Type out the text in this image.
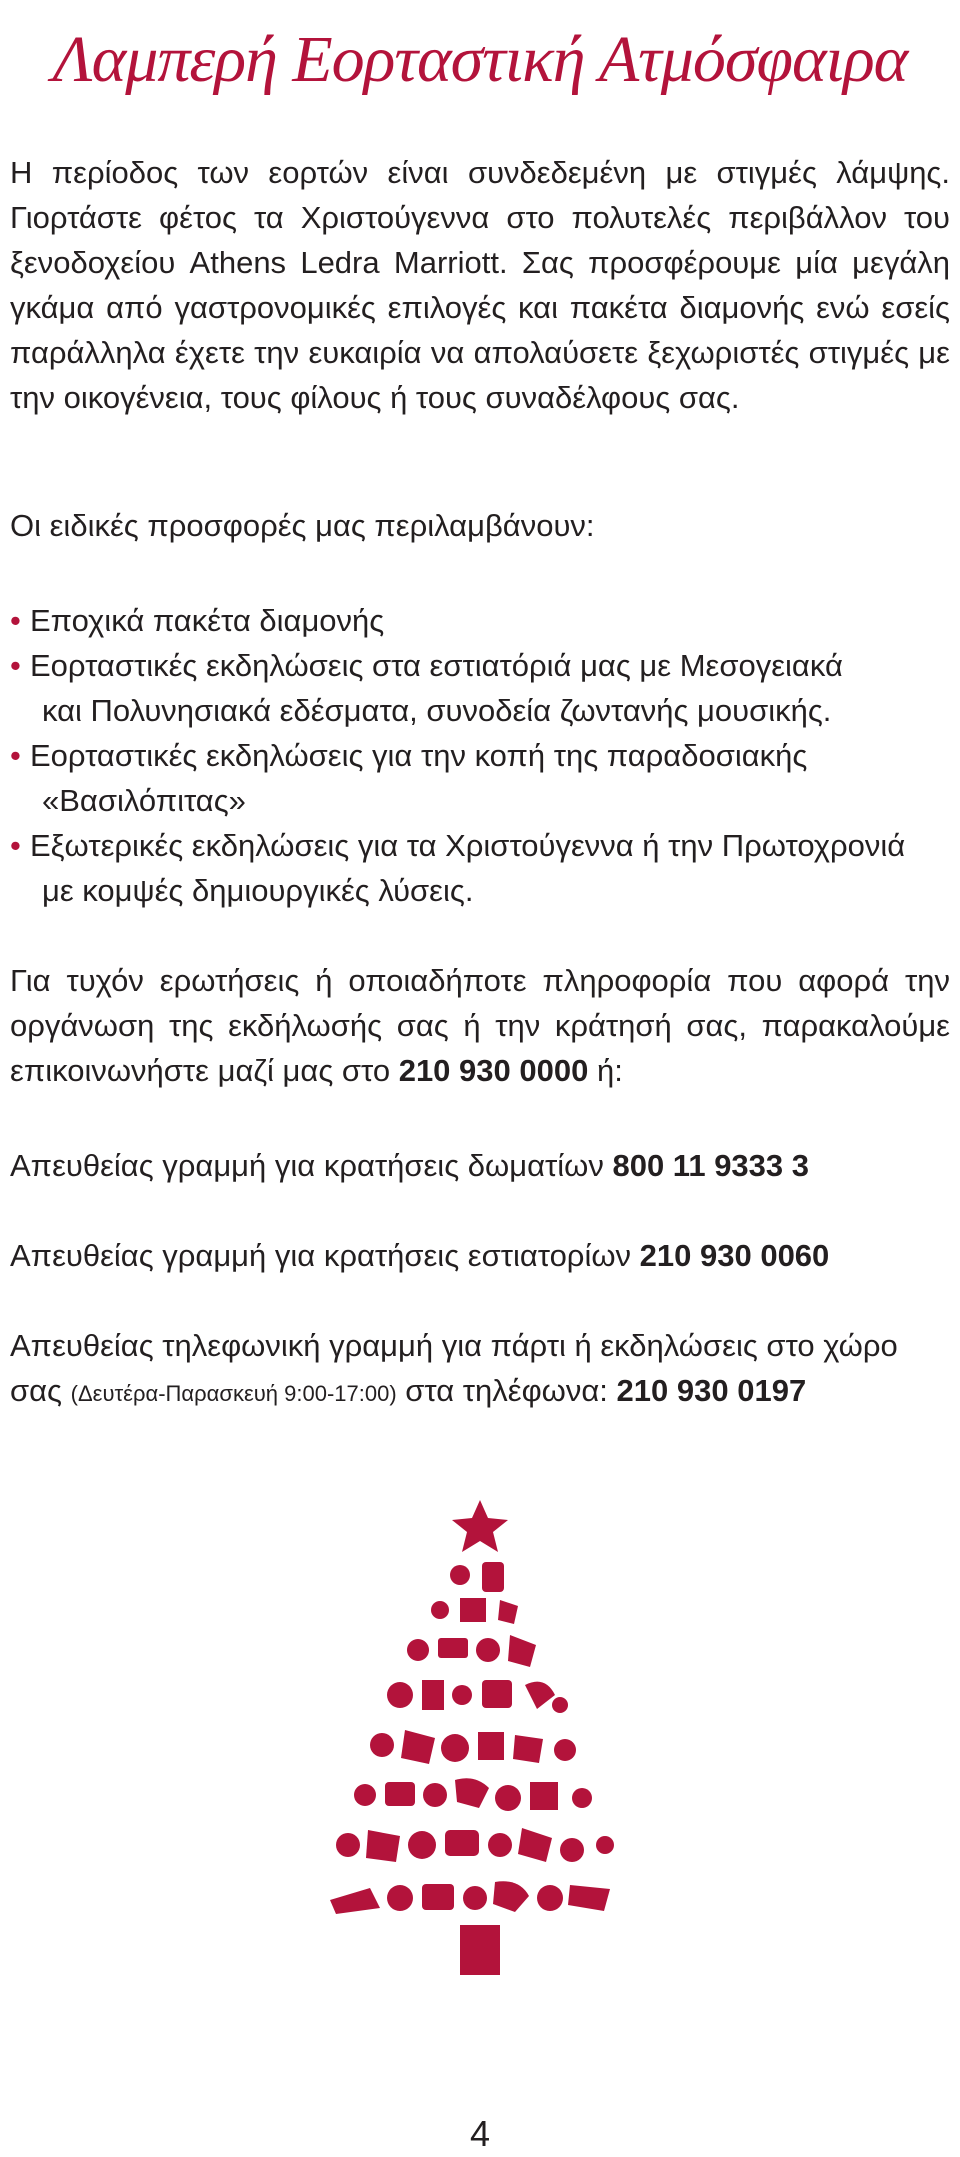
Λαμπερή Εορταστική Ατμόσφαιρα
Η περίοδος των εορτών είναι συνδεδεμένη με στιγμές λάμψης. Γιορτάστε φέτος τα Χριστούγεννα στο πολυτελές περιβάλλον του ξενοδοχείου Athens Ledra Marriott. Σας προσφέρουμε μία μεγάλη γκάμα από γαστρονομικές επιλογές και πακέτα διαμονής ενώ εσείς παράλληλα έχετε την ευκαιρία να απολαύσετε ξεχωριστές στιγμές με την οικογένεια, τους φίλους ή τους συναδέλφους σας.
Οι ειδικές προσφορές μας περιλαμβάνουν:
• Εποχικά πακέτα διαμονής
• Εορταστικές εκδηλώσεις στα εστιατόριά μας με Μεσογειακά
και Πολυνησιακά εδέσματα, συνοδεία ζωντανής μουσικής.
• Εορταστικές εκδηλώσεις για την κοπή της παραδοσιακής
«Βασιλόπιτας»
• Εξωτερικές εκδηλώσεις για τα Χριστούγεννα ή την Πρωτοχρονιά
με κομψές δημιουργικές λύσεις.
Για τυχόν ερωτήσεις ή οποιαδήποτε πληροφορία που αφορά την οργάνωση της εκδήλωσής σας ή την κράτησή σας, παρακαλούμε επικοινωνήστε μαζί μας στο 210 930 0000 ή:
Απευθείας γραμμή για κρατήσεις δωματίων 800 11 9333 3
Απευθείας γραμμή για κρατήσεις εστιατορίων 210 930 0060
Απευθείας τηλεφωνική γραμμή για πάρτι ή εκδηλώσεις στο χώρο
σας (Δευτέρα-Παρασκευή 9:00-17:00) στα τηλέφωνα: 210 930 0197
4
